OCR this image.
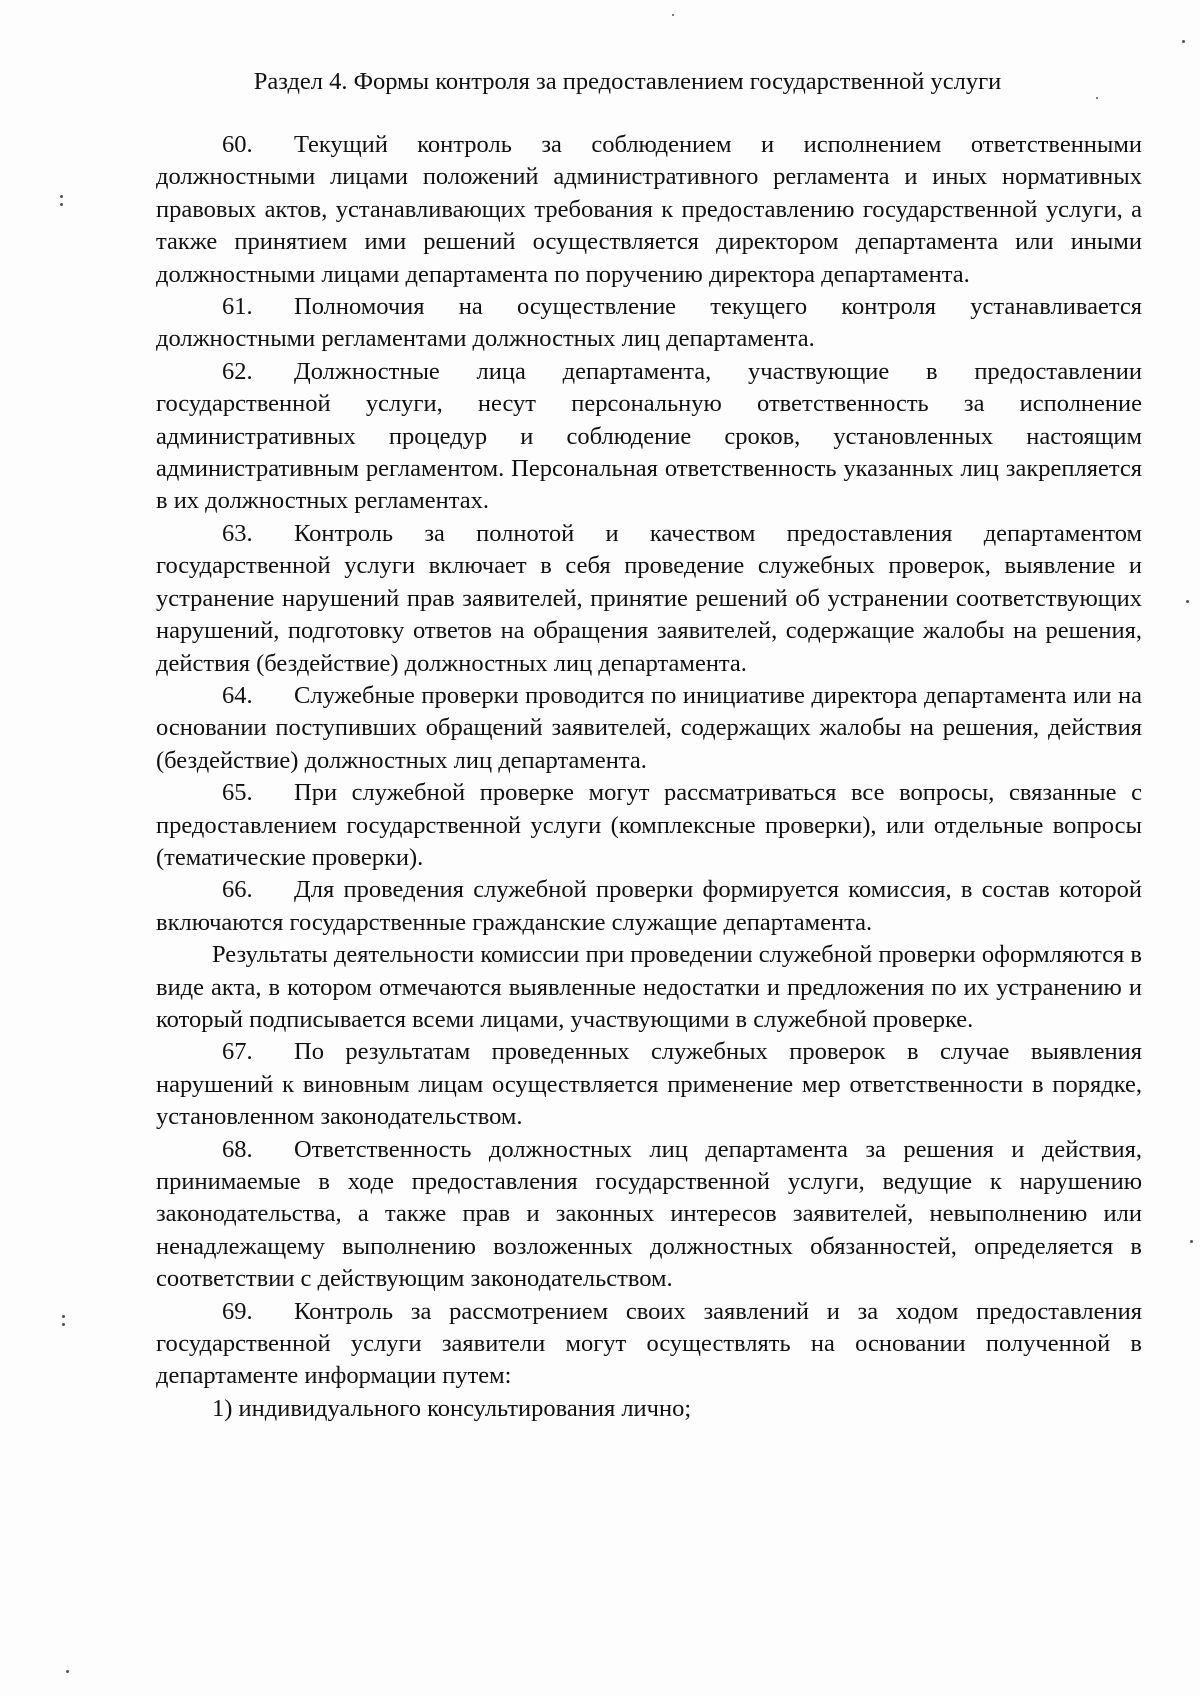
Раздел 4. Формы контроля за предоставлением государственной услуги

60. Текущий контроль за соблюдением и исполнением ответственными должностными лицами положений административного регламента и иных нормативных правовых актов, устанавливающих требования к предоставлению государственной услуги, а также принятием ими решений осуществляется директором департамента или иными должностными лицами департамента по поручению директора департамента.

61. Полномочия на осуществление текущего контроля устанавливается должностными регламентами должностных лиц департамента.

62. Должностные лица департамента, участвующие в предоставлении государственной услуги, несут персональную ответственность за исполнение административных процедур и соблюдение сроков, установленных настоящим административным регламентом. Персональная ответственность указанных лиц закрепляется в их должностных регламентах.

63. Контроль за полнотой и качеством предоставления департаментом государственной услуги включает в себя проведение служебных проверок, выявление и устранение нарушений прав заявителей, принятие решений об устранении соответствующих нарушений, подготовку ответов на обращения заявителей, содержащие жалобы на решения, действия (бездействие) должностных лиц департамента.

64. Служебные проверки проводится по инициативе директора департамента или на основании поступивших обращений заявителей, содержащих жалобы на решения, действия (бездействие) должностных лиц департамента.

65. При служебной проверке могут рассматриваться все вопросы, связанные с предоставлением государственной услуги (комплексные проверки), или отдельные вопросы (тематические проверки).

66. Для проведения служебной проверки формируется комиссия, в состав которой включаются государственные гражданские служащие департамента.

Результаты деятельности комиссии при проведении служебной проверки оформляются в виде акта, в котором отмечаются выявленные недостатки и предложения по их устранению и который подписывается всеми лицами, участвующими в служебной проверке.

67. По результатам проведенных служебных проверок в случае выявления нарушений к виновным лицам осуществляется применение мер ответственности в порядке, установленном законодательством.

68. Ответственность должностных лиц департамента за решения и действия, принимаемые в ходе предоставления государственной услуги, ведущие к нарушению законодательства, а также прав и законных интересов заявителей, невыполнению или ненадлежащему выполнению возложенных должностных обязанностей, определяется в соответствии с действующим законодательством.

69. Контроль за рассмотрением своих заявлений и за ходом предоставления государственной услуги заявители могут осуществлять на основании полученной в департаменте информации путем:

1) индивидуального консультирования лично;
